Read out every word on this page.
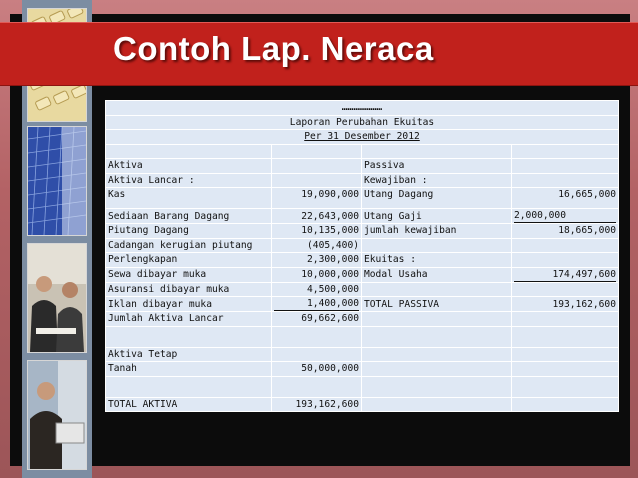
Contoh Lap. Neraca
…………………			
Laporan Perubahan Ekuitas			
Per 31 Desember 2012			

Aktiva		Passiva	
Aktiva Lancar :		Kewajiban :	
Kas	19,090,000	Utang Dagang	16,665,000
Sediaan Barang Dagang	22,643,000	Utang Gaji	2,000,000
Piutang Dagang	10,135,000	jumlah kewajiban	18,665,000
Cadangan kerugian piutang	(405,400)		
Perlengkapan	2,300,000	Ekuitas :	
Sewa dibayar muka	10,000,000	Modal Usaha	174,497,600
Asuransi dibayar muka	4,500,000		
Iklan dibayar muka	1,400,000	TOTAL PASSIVA	193,162,600
Jumlah Aktiva Lancar	69,662,600		

Aktiva Tetap			
Tanah	50,000,000		

TOTAL AKTIVA	193,162,600		
